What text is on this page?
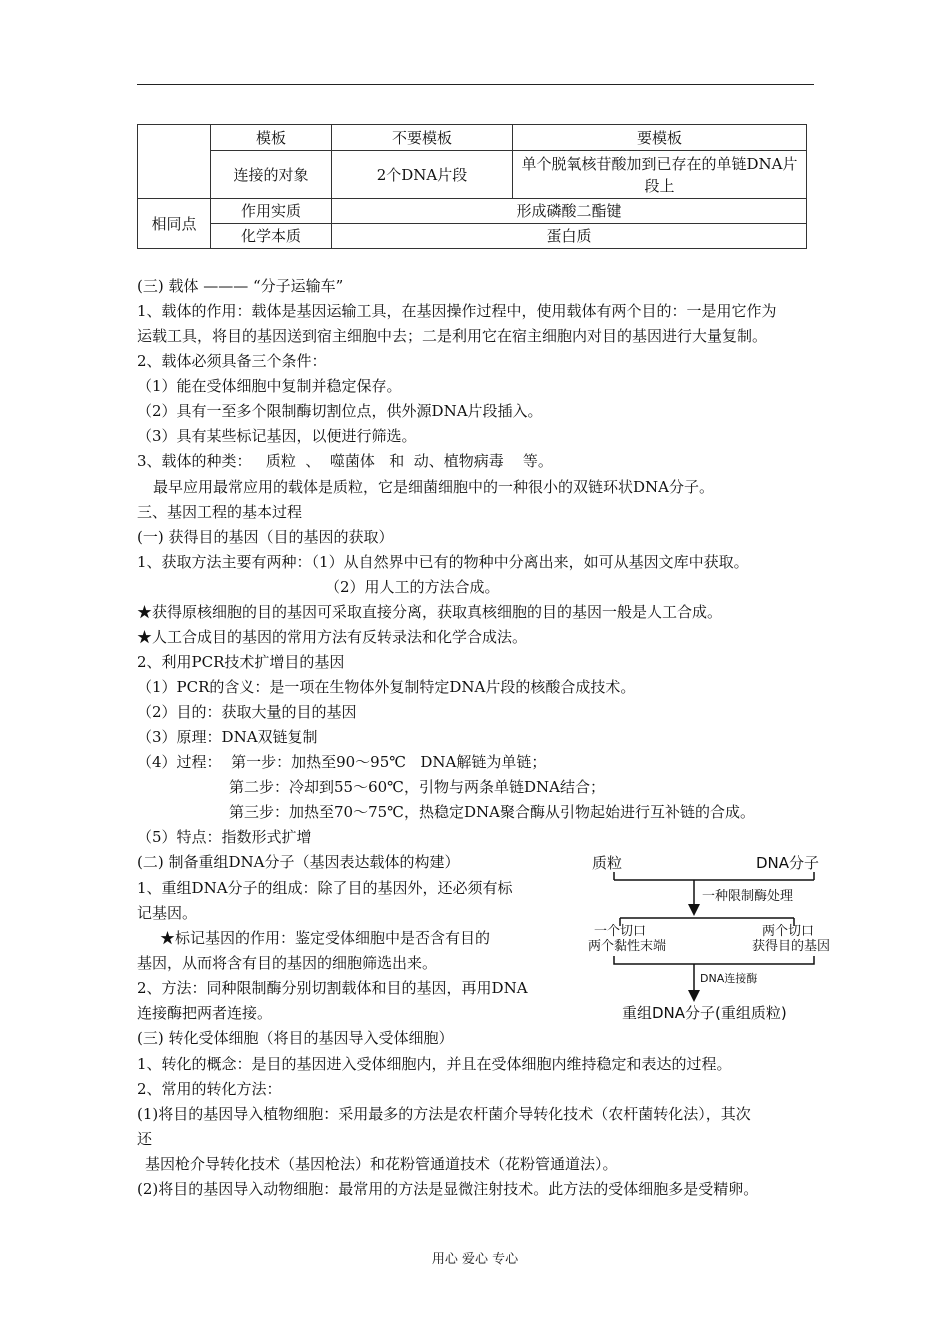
	模板	不要模板	要模板
	连接的对象	2个DNA片段	单个脱氧核苷酸加到已存在的单链DNA片段上
相同点	作用实质	形成磷酸二酯键	
	化学本质	蛋白质	
(三) 载体 ——— “分子运输车”
1、载体的作用：载体是基因运输工具，在基因操作过程中，使用载体有两个目的：一是用它作为
运载工具，将目的基因送到宿主细胞中去；二是利用它在宿主细胞内对目的基因进行大量复制。
2、载体必须具备三个条件：
（1）能在受体细胞中复制并稳定保存。
（2）具有一至多个限制酶切割位点，供外源DNA片段插入。
（3）具有某些标记基因，以便进行筛选。
3、载体的种类：   质粒  、  噬菌体   和  动、植物病毒    等。
最早应用最常应用的载体是质粒，它是细菌细胞中的一种很小的双链环状DNA分子。
三、基因工程的基本过程
(一) 获得目的基因（目的基因的获取）
1、获取方法主要有两种：（1）从自然界中已有的物种中分离出来，如可从基因文库中获取。
（2）用人工的方法合成。
★获得原核细胞的目的基因可采取直接分离，获取真核细胞的目的基因一般是人工合成。
★人工合成目的基因的常用方法有反转录法和化学合成法。
2、利用PCR技术扩增目的基因
（1）PCR的含义：是一项在生物体外复制特定DNA片段的核酸合成技术。
（2）目的：获取大量的目的基因
（3）原理：DNA双链复制
（4）过程：  第一步：加热至90～95℃   DNA解链为单链；
第二步：冷却到55～60℃，引物与两条单链DNA结合；
第三步：加热至70～75℃，热稳定DNA聚合酶从引物起始进行互补链的合成。
（5）特点：指数形式扩增
(二) 制备重组DNA分子（基因表达载体的构建）
1、重组DNA分子的组成：除了目的基因外，还必须有标
记基因。
★标记基因的作用：鉴定受体细胞中是否含有目的
基因，从而将含有目的基因的细胞筛选出来。
2、方法：同种限制酶分别切割载体和目的基因，再用DNA
连接酶把两者连接。
(三) 转化受体细胞（将目的基因导入受体细胞）
1、转化的概念：是目的基因进入受体细胞内，并且在受体细胞内维持稳定和表达的过程。
2、常用的转化方法：
(1)将目的基因导入植物细胞：采用最多的方法是农杆菌介导转化技术（农杆菌转化法），其次
还
基因枪介导转化技术（基因枪法）和花粉管通道技术（花粉管通道法）。
(2)将目的基因导入动物细胞：最常用的方法是显微注射技术。此方法的受体细胞多是受精卵。
质粒	DNA分子
一种限制酶处理
一个切口
两个黏性末端
两个切口
获得目的基因
DNA连接酶
重组DNA分子(重组质粒)
用心 爱心 专心
